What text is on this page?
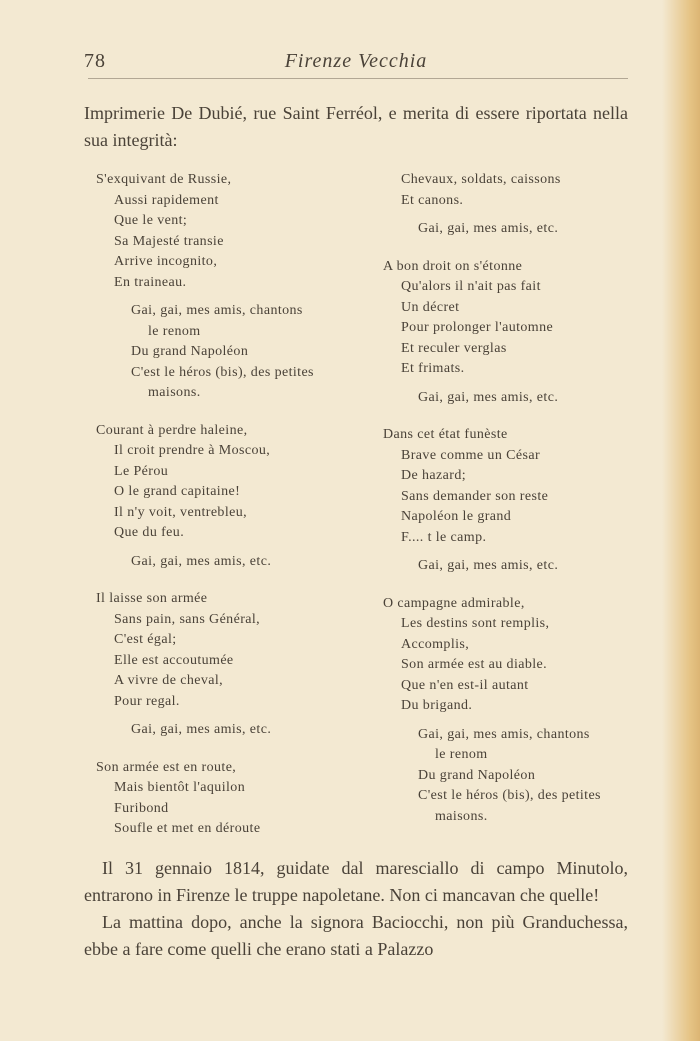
78	Firenze Vecchia
Imprimerie De Dubié, rue Saint Ferréol, e merita di essere riportata nella sua integrità:
S'exquivant de Russie,
Aussi rapidement
Que le vent;
Sa Majesté transie
Arrive incognito,
En traineau.
Gai, gai, mes amis, chantons
le renom
Du grand Napoléon
C'est le héros (bis), des petites
maisons.
Courant à perdre haleine,
Il croit prendre à Moscou,
Le Pérou
O le grand capitaine!
Il n'y voit, ventrebleu,
Que du feu.
Gai, gai, mes amis, etc.
Il laisse son armée
Sans pain, sans Général,
C'est égal;
Elle est accoutumée
A vivre de cheval,
Pour regal.
Gai, gai, mes amis, etc.
Son armée est en route,
Mais bientôt l'aquilon
Furibond
Soufle et met en déroute
Chevaux, soldats, caissons
Et canons.
Gai, gai, mes amis, etc.
A bon droit on s'étonne
Qu'alors il n'ait pas fait
Un décret
Pour prolonger l'automne
Et reculer verglas
Et frimats.
Gai, gai, mes amis, etc.
Dans cet état funèste
Brave comme un César
De hazard;
Sans demander son reste
Napoléon le grand
F.... t le camp.
Gai, gai, mes amis, etc.
O campagne admirable,
Les destins sont remplis,
Accomplis,
Son armée est au diable.
Que n'en est-il autant
Du brigand.
Gai, gai, mes amis, chantons
le renom
Du grand Napoléon
C'est le héros (bis), des petites
maisons.

Il 31 gennaio 1814, guidate dal maresciallo di campo Minutolo, entrarono in Firenze le truppe napoletane. Non ci mancavan che quelle!

La mattina dopo, anche la signora Baciocchi, non più Granduchessa, ebbe a fare come quelli che erano stati a Palazzo
